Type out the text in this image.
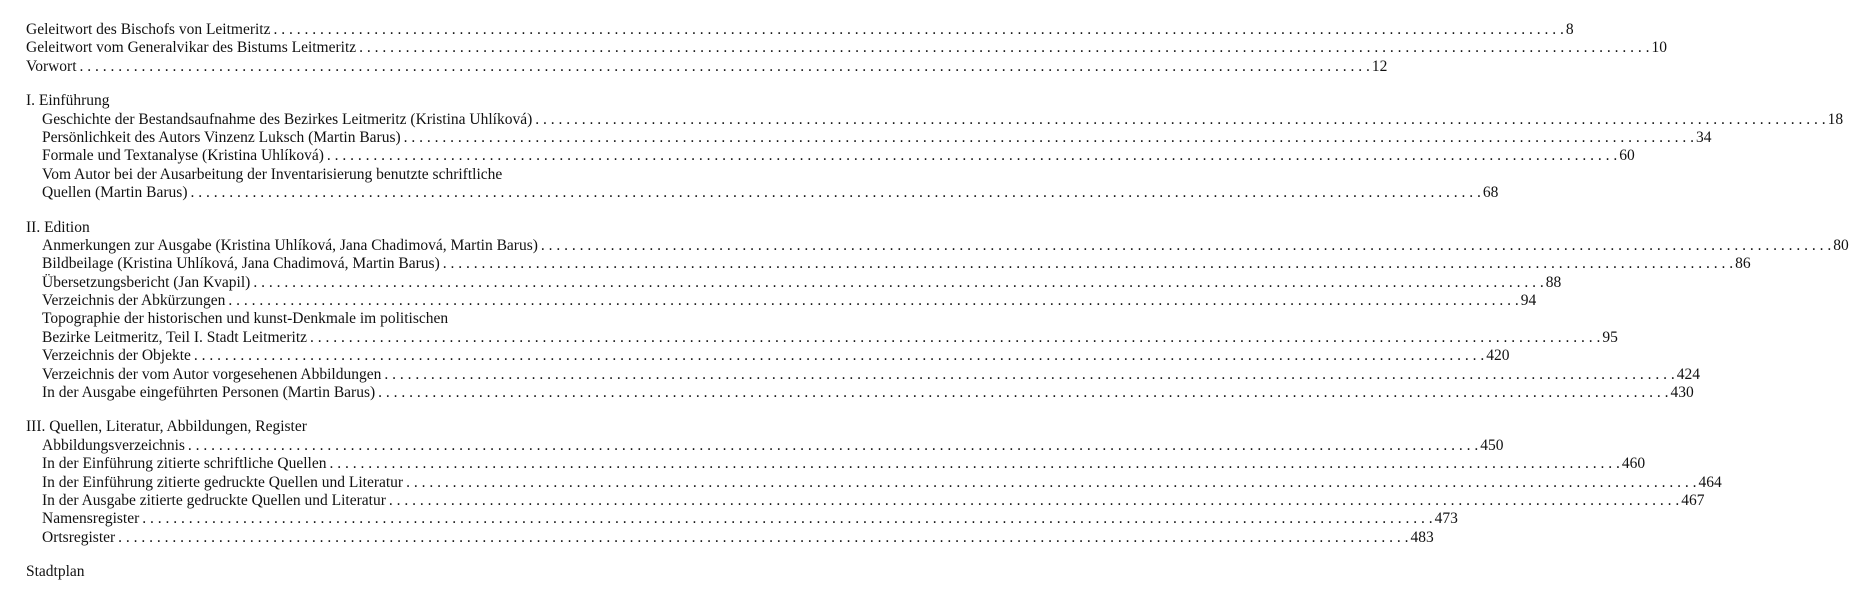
Geleitwort des Bischofs von Leitmeritz . . .	8
Geleitwort vom Generalvikar des Bistums Leitmeritz . . .	10
Vorwort . . .	12
I. Einführung
Geschichte der Bestandsaufnahme des Bezirkes Leitmeritz (Kristina Uhlíková) . . .	18
Persönlichkeit des Autors Vinzenz Luksch (Martin Barus) . . .	34
Formale und Textanalyse (Kristina Uhlíková) . . .	60
Vom Autor bei der Ausarbeitung der Inventarisierung benutzte schriftliche
Quellen (Martin Barus) . . .	68
II. Edition
Anmerkungen zur Ausgabe (Kristina Uhlíková, Jana Chadimová, Martin Barus) . . .	80
Bildbeilage (Kristina Uhlíková, Jana Chadimová, Martin Barus) . . .	86
Übersetzungsbericht (Jan Kvapil) . . .	88
Verzeichnis der Abkürzungen . . .	94
Topographie der historischen und kunst-Denkmale im politischen
Bezirke Leitmeritz, Teil I. Stadt Leitmeritz . . .	95
Verzeichnis der Objekte . . .	420
Verzeichnis der vom Autor vorgesehenen Abbildungen . . .	424
In der Ausgabe eingeführten Personen (Martin Barus) . . .	430
III. Quellen, Literatur, Abbildungen, Register
Abbildungsverzeichnis . . .	450
In der Einführung zitierte schriftliche Quellen . . .	460
In der Einführung zitierte gedruckte Quellen und Literatur . . .	464
In der Ausgabe zitierte gedruckte Quellen und Literatur . . .	467
Namensregister . . .	473
Ortsregister . . .	483
Stadtplan
